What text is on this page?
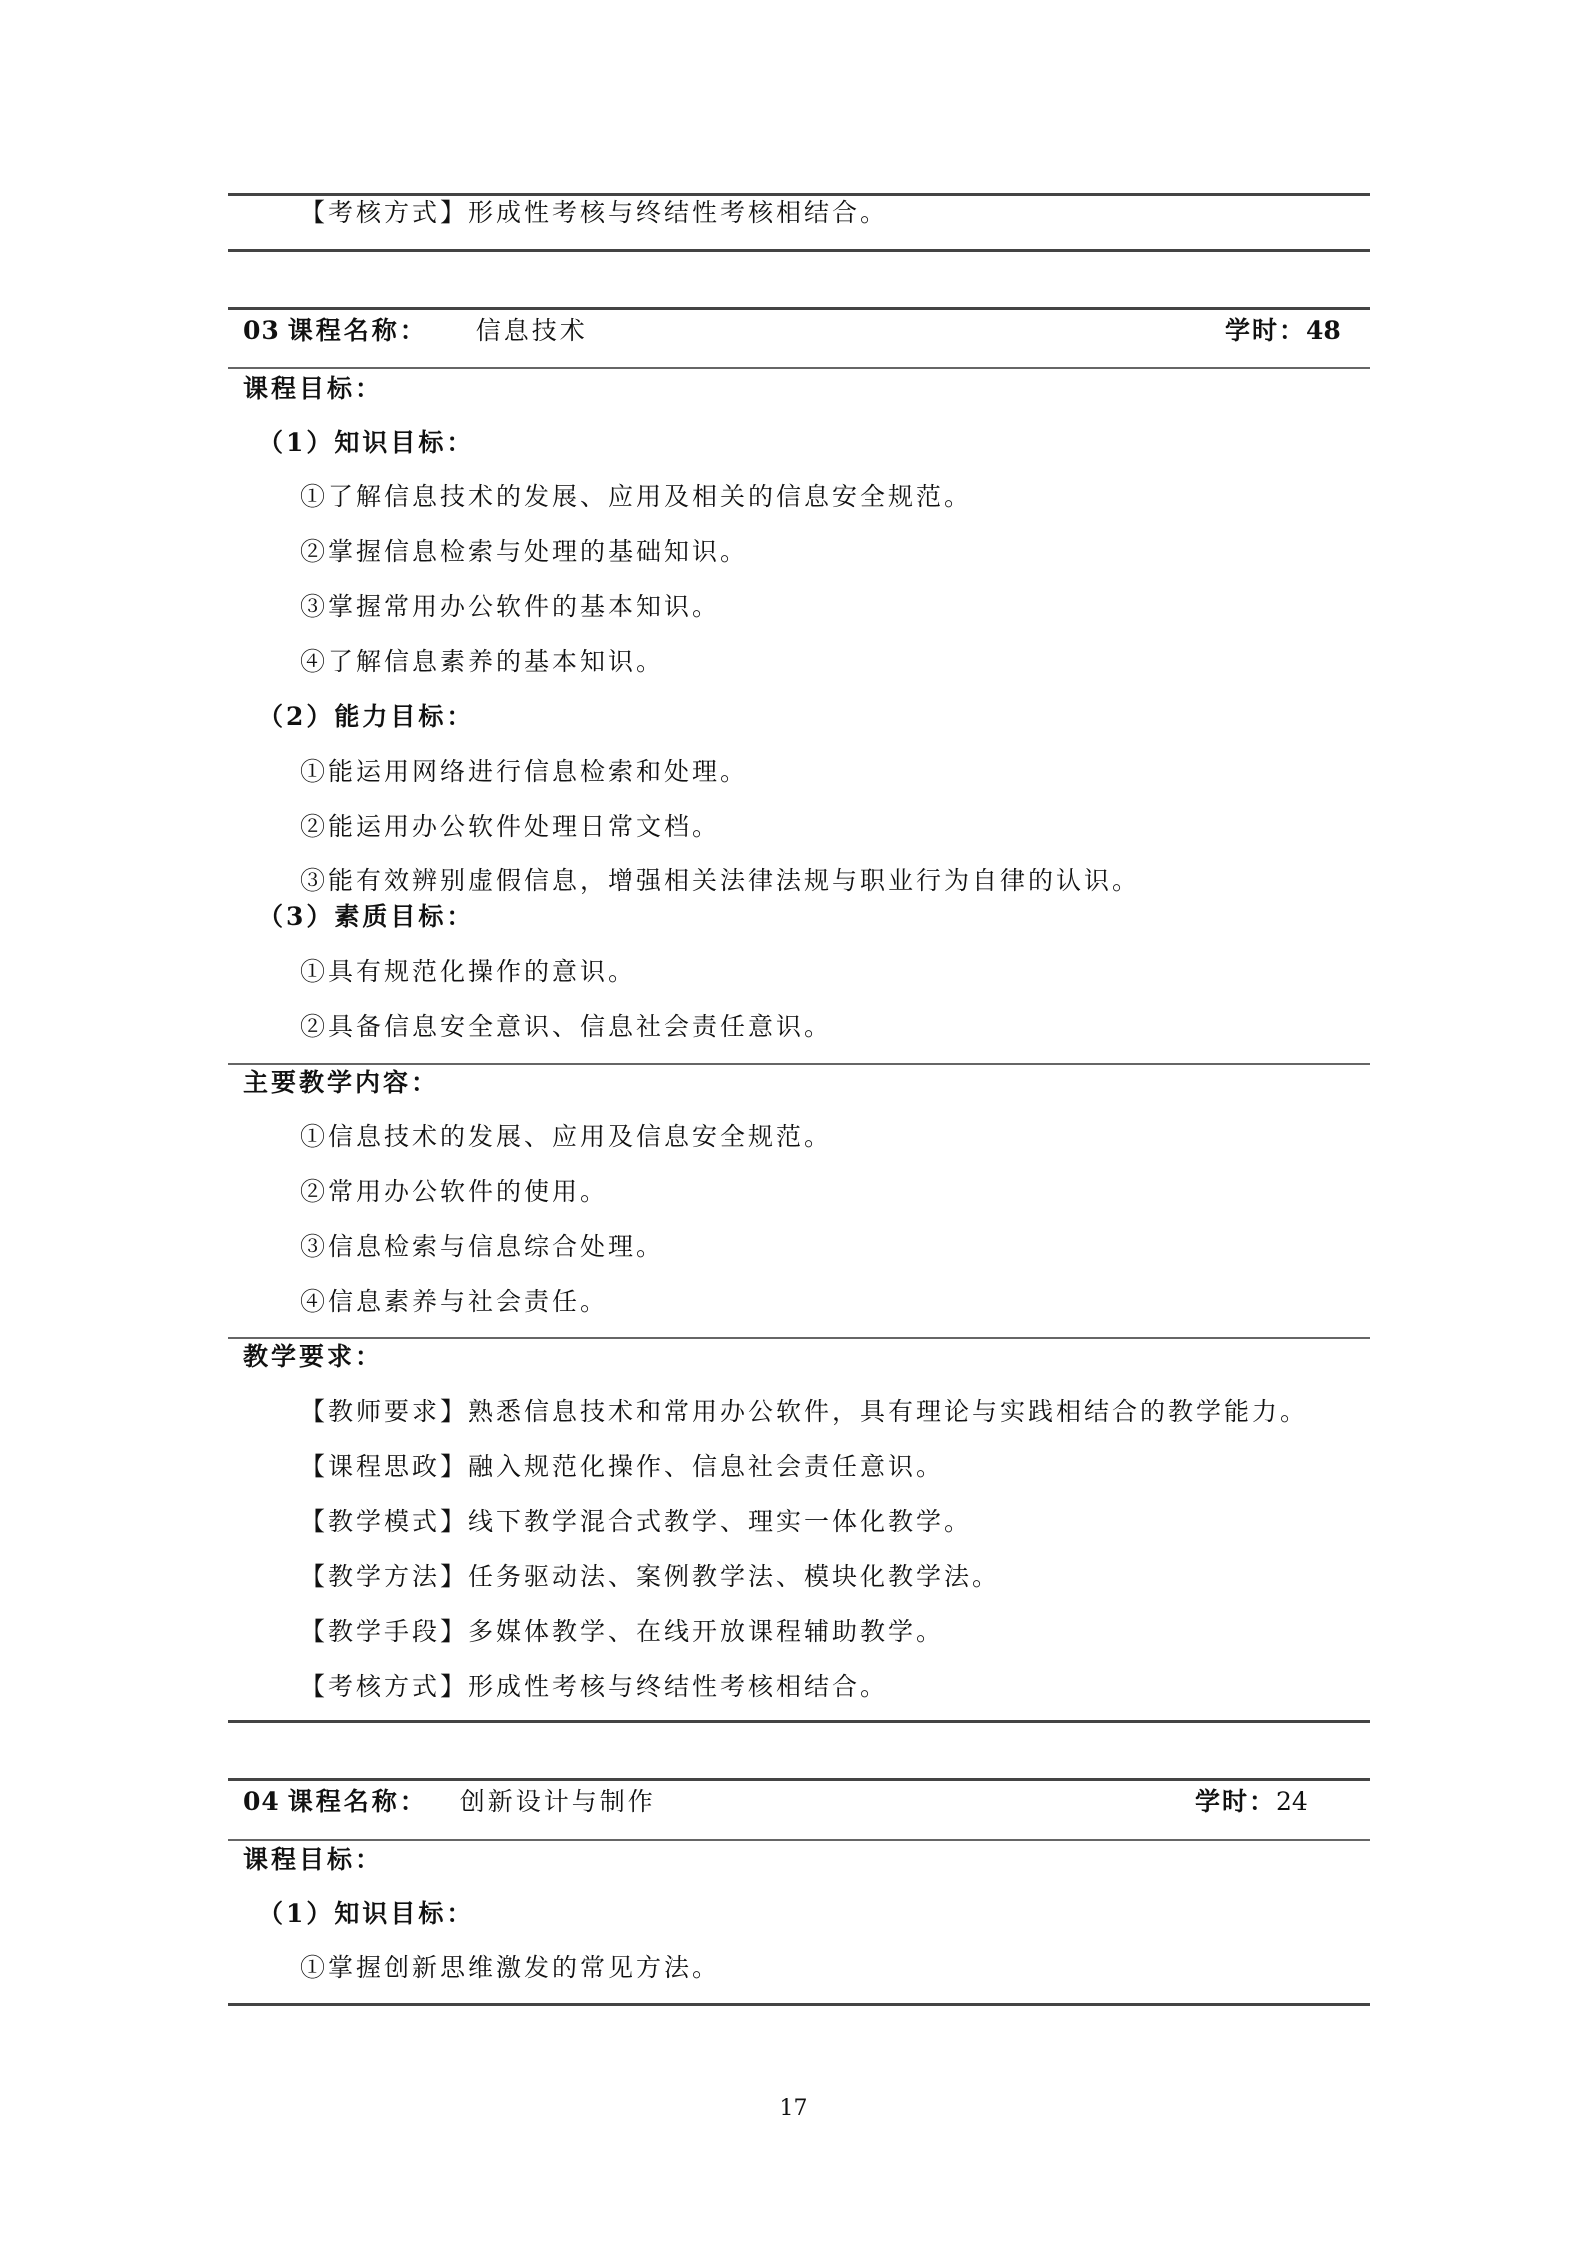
【考核方式】形成性考核与终结性考核相结合。
03 课程名称： 信息技术	学时：48
课程目标：
（1）知识目标：
①了解信息技术的发展、应用及相关的信息安全规范。
②掌握信息检索与处理的基础知识。
③掌握常用办公软件的基本知识。
④了解信息素养的基本知识。
（2）能力目标：
①能运用网络进行信息检索和处理。
②能运用办公软件处理日常文档。
③能有效辨别虚假信息，增强相关法律法规与职业行为自律的认识。
（3）素质目标：
①具有规范化操作的意识。
②具备信息安全意识、信息社会责任意识。
主要教学内容：
①信息技术的发展、应用及信息安全规范。
②常用办公软件的使用。
③信息检索与信息综合处理。
④信息素养与社会责任。
教学要求：
【教师要求】熟悉信息技术和常用办公软件，具有理论与实践相结合的教学能力。
【课程思政】融入规范化操作、信息社会责任意识。
【教学模式】线下教学混合式教学、理实一体化教学。
【教学方法】任务驱动法、案例教学法、模块化教学法。
【教学手段】多媒体教学、在线开放课程辅助教学。
【考核方式】形成性考核与终结性考核相结合。
04 课程名称： 创新设计与制作	学时：24
课程目标：
（1）知识目标：
①掌握创新思维激发的常见方法。
17
